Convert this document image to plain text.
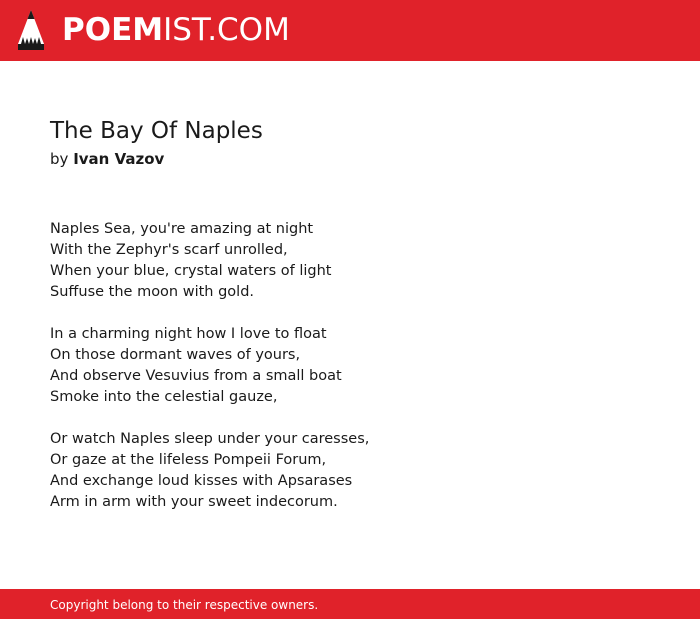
POEMIST.COM
The Bay Of Naples
by Ivan Vazov
Naples Sea, you're amazing at night
With the Zephyr's scarf unrolled,
When your blue, crystal waters of light
Suffuse the moon with gold.
In a charming night how I love to float
On those dormant waves of yours,
And observe Vesuvius from a small boat
Smoke into the celestial gauze,
Or watch Naples sleep under your caresses,
Or gaze at the lifeless Pompeii Forum,
And exchange loud kisses with Apsarases
Arm in arm with your sweet indecorum.
Copyright belong to their respective owners.
